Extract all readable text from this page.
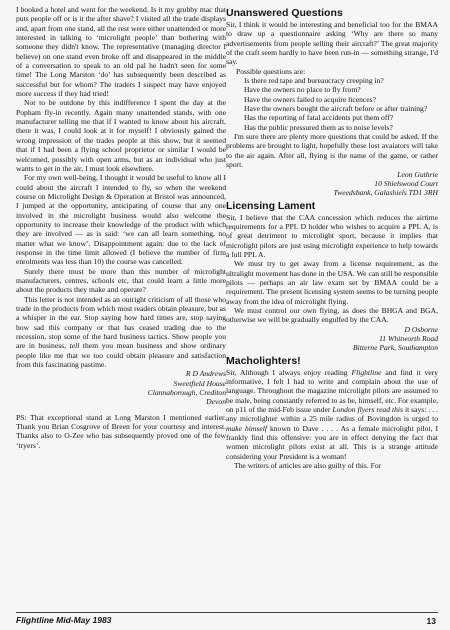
I booked a hotel and went for the weekend. Is it my grubby mac that puts people off or is it the after shave? I visited all the trade displays and, apart from one stand, all the rest were either unattended or more interested in talking to ‘microlight people’ than bothering with someone they didn't know. The representative (managing director I believe) on one stand even broke off and disappeared in the middle of a conversation to speak to an old pal he hadn't seen for some time! The Long Marston ‘do’ has subsequently been described as successful but for whom? The traders I suspect may have enjoyed more success if they had tried!

Not to be outdone by this indifference I spent the day at the Popham fly-in recently. Again many unattended stands, with one manufacturer telling me that if I wanted to know about his aircraft, there it was, I could look at it for myself! I obviously gained the wrong impression of the trades people at this show, but it seemed that if I had been a flying school proprietor or similar I would be welcomed, possibly with open arms, but as an individual who just wants to get in the air, I must look elsewhere.

For my own well-being, I thought it would be useful to know all I could about the aircraft I intended to fly, so when the weekend course on Microlight Design & Operation at Bristol was announced, I jumped at the opportunity, anticipating of course that any one involved in the microlight business would also welcome the opportunity to increase their knowledge of the product with which they are involved — as is said: ‘we can all learn something, no matter what we know’. Disappointment again: due to the lack of response in the time limit allowed (I believe the number of firm enrolments was less than 10) the course was cancelled.

Surely there must be more than this number of microlight manufacturers, centres, schools etc, that could learn a little more about the products they make and operate?

This letter is not intended as an outright criticism of all those who trade in the products from which most readers obtain pleasure, but as a whisper in the ear. Stop saying how hard times are, stop saying how sad this company or that has ceased trading due to the recession, stop some of the hard business tactics. Show people you are in business, tell them you mean business and show ordinary people like me that we too could obtain pleasure and satisfaction from this fascinating pastime.

R D Andrews

Sweetfield House

Clannaborough, Crediton

Devon

PS: That exceptional stand at Long Marston I mentioned earlier. Thank you Brian Cosgrove of Breen for your courtesy and interest. Thanks also to O-Zee who has subsequently proved one of the few ‘tryers’.

Unanswered Questions

Sir, I think it would be interesting and beneficial too for the BMAA to draw up a questionnaire asking ‘Why are there so many advertisements from people selling their aircraft?’ The great majority of the craft seem hardly to have been run-in — something strange, I'd say.

Possible questions are:

Is there red tape and bureaucracy creeping in?
Have the owners no place to fly from?
Have the owners failed to acquire licences?
Have the owners bought the aircraft before or after training?
Has the reporting of fatal accidents put them off?
Has the public pressured them as to noise levels?

I'm sure there are plenty more questions that could be asked. If the problems are brought to light, hopefully these lost avaiators will take to the air again. After all, flying is the name of the game, or rather sport.

Leon Guthrie

10 Shielswood Court

Tweedsbank, Galashiels TD1 3RH

Licensing Lament

Sir, I believe that the CAA concession which reduces the airtime requirements for a PPL D holder who wishes to acquire a PPL A, is of great detriment to microlight sport, because it implies that microlight pilots are just using microlight experience to help towards a full PPL A.

We must try to get away from a license requirement, as the ultralight movement has done in the USA. We can still be responsible pilots — perhaps an air law exam set by BMAA could be a requirement. The present licensing system seems to be turning people away from the idea of microlight flying.

We must control our own flying, as does the BHGA and BGA, otherwise we will be gradually engulfed by the CAA.

D Osborne

11 Whitworth Road

Bitterne Park, Southampton

Macholighters!

Sir, Although I always enjoy reading Flightline and find it very informative, I felt I had to write and complain about the use of language. Throughout the magazine microlight pilots are assumed to be male, being constantly referred to as he, himself, etc. For example, on p11 of the mid-Feb issue under London flyers read this it says: . . . any microlighter within a 25 mile radius of Bovingdon is urged to make himself known to Dave . . . . As a female microlight pilot, I frankly find this offensive: you are in effect denying the fact that women microlight pilots exist at all. This is a strange attitude considering your President is a woman!

The writers of articles are also guilty of this. For

Flightline Mid-May 1983	13
